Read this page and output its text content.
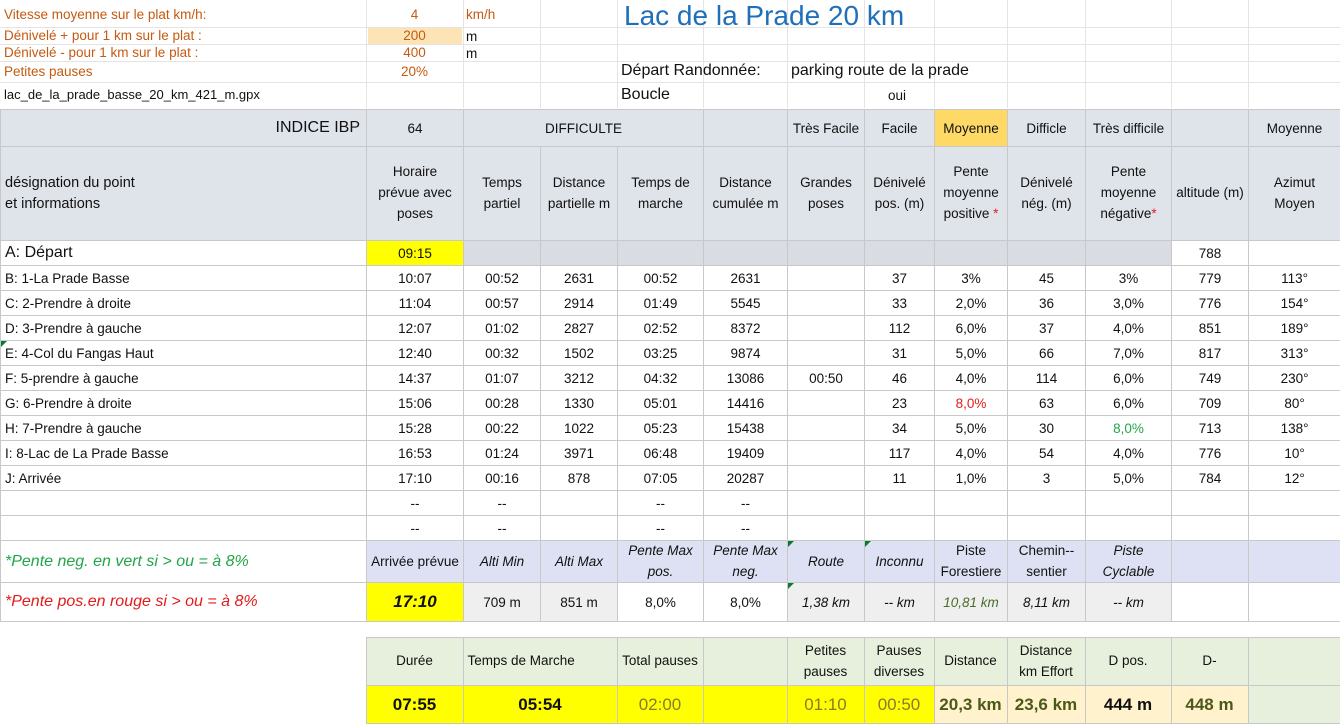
Vitesse moyenne sur le plat km/h:	4	km/h
Dénivelé + pour 1 km sur le plat :	200	m
Dénivelé - pour 1 km sur le plat :	400	m
Petites pauses	20%
lac_de_la_prade_basse_20_km_421_m.gpx
Lac de la Prade 20 km
Départ Randonnée: parking route de la prade
Boucle	oui
INDICE IBP	64	DIFFICULTE				Très Facile	Facile	Moyenne	Difficle	Très difficile		Moyenne

désignation du point
et informations	Horaire prévue avec poses	Temps partiel	Distance partielle m	Temps de marche	Distance cumulée m	Grandes poses	Dénivelé pos. (m)	Pente moyenne positive *	Dénivelé nég. (m)	Pente moyenne négative*	altitude (m)	Azimut Moyen
A: Départ	09:15										788	
B: 1-La Prade Basse	10:07	00:52	2631	00:52	2631		37	3%	45	3%	779	113°
C: 2-Prendre à droite	11:04	00:57	2914	01:49	5545		33	2,0%	36	3,0%	776	154°
D: 3-Prendre à gauche	12:07	01:02	2827	02:52	8372		112	6,0%	37	4,0%	851	189°

E: 4-Col du Fangas Haut	12:40	00:32	1502	03:25	9874		31	5,0%	66	7,0%	817	313°
F: 5-prendre à gauche	14:37	01:07	3212	04:32	13086	00:50	46	4,0%	114	6,0%	749	230°
G: 6-Prendre à droite	15:06	00:28	1330	05:01	14416		23	8,0%	63	6,0%	709	80°
H: 7-Prendre à gauche	15:28	00:22	1022	05:23	15438		34	5,0%	30	8,0%	713	138°
I: 8-Lac de La Prade Basse	16:53	01:24	3971	06:48	19409		117	4,0%	54	4,0%	776	10°
J: Arrivée	17:10	00:16	878	07:05	20287		11	1,0%	3	5,0%	784	12°
	--	--		--	--							
	--	--		--	--							
*Pente neg. en vert si > ou = à 8%	Arrivée prévue	Alti Min	Alti Max	Pente Max pos.	Pente Max neg.	Route	Inconnu	Piste Forestiere	Chemin--sentier	Piste Cyclable		
*Pente pos.en rouge si > ou = à 8%	17:10	709 m	851 m	8,0%	8,0%	1,38 km	-- km	10,81 km	8,11 km	-- km		
	Durée	Temps de Marche	Total pauses		Petites pauses	Pauses diverses	Distance	Distance km Effort	D pos.	D-	
	07:55	05:54	02:00		01:10	00:50	20,3 km	23,6 km	444 m	448 m	
